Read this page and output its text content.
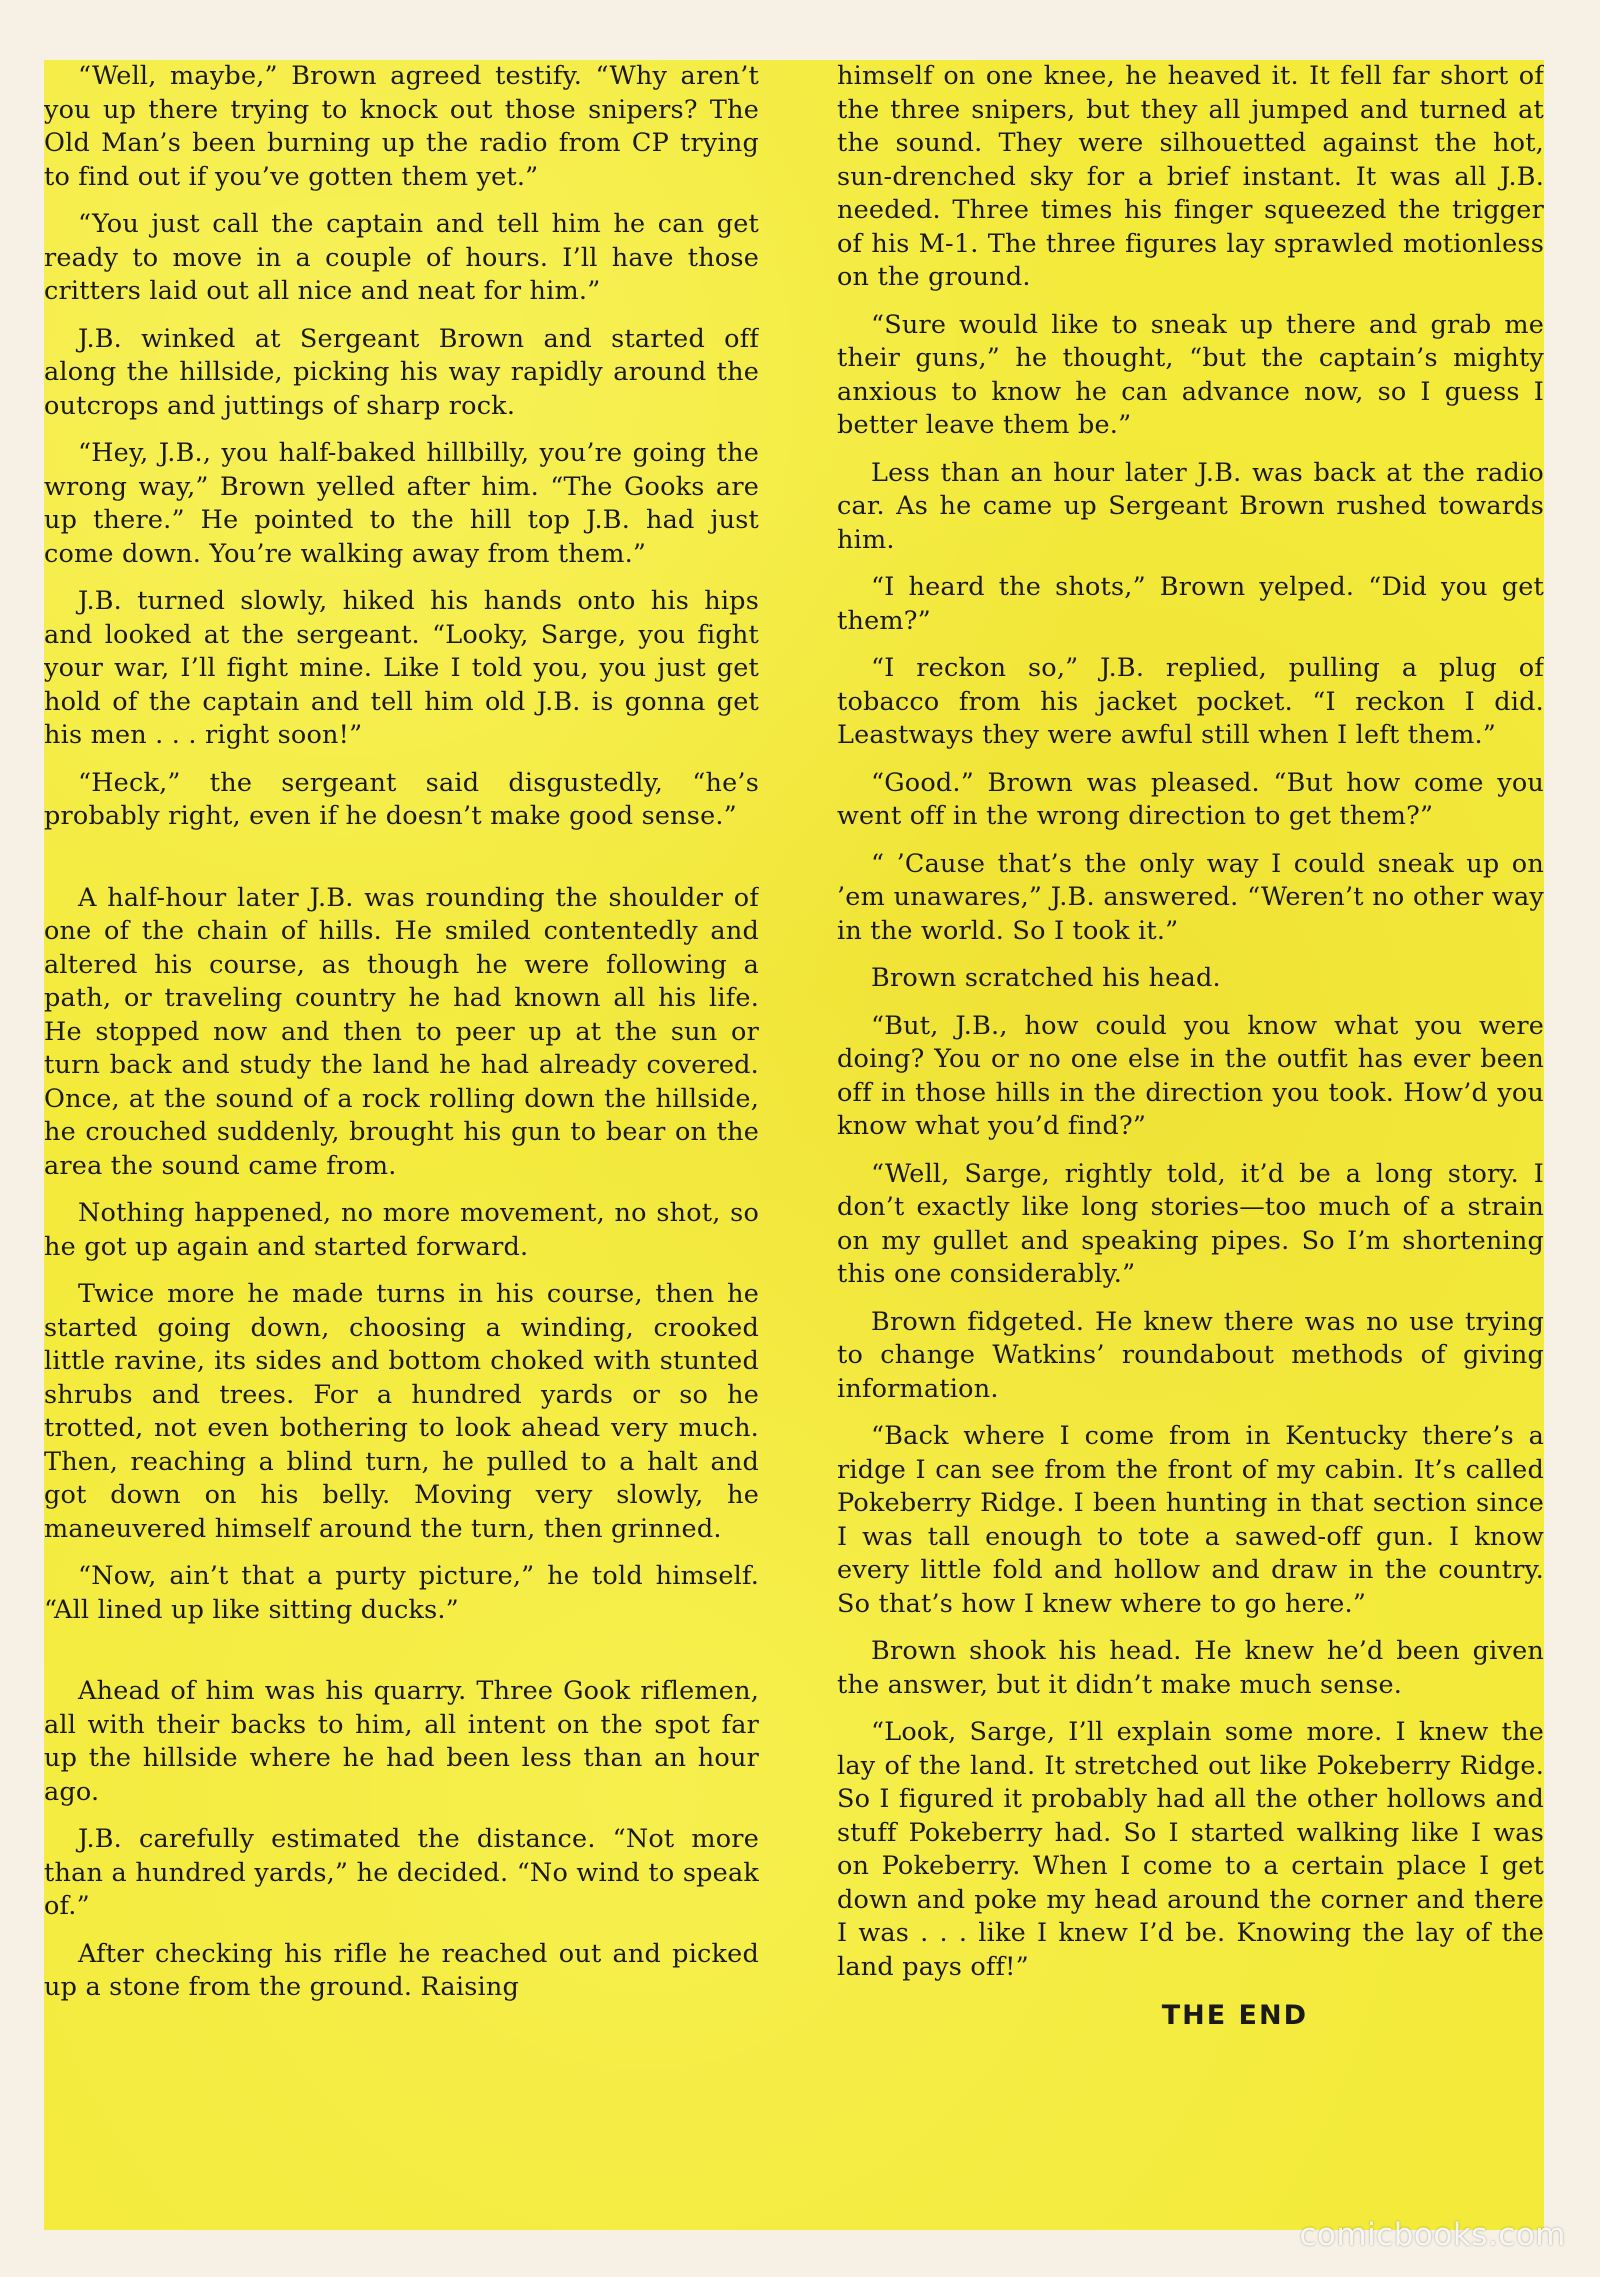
“Well, maybe,” Brown agreed testify. “Why aren’t you up there trying to knock out those snipers? The Old Man’s been burning up the radio from CP trying to find out if you’ve gotten them yet.”

“You just call the captain and tell him he can get ready to move in a couple of hours. I’ll have those critters laid out all nice and neat for him.”

J.B. winked at Sergeant Brown and started off along the hillside, picking his way rapidly around the outcrops and juttings of sharp rock.

“Hey, J.B., you half-baked hillbilly, you’re going the wrong way,” Brown yelled after him. “The Gooks are up there.” He pointed to the hill top J.B. had just come down. You’re walking away from them.”

J.B. turned slowly, hiked his hands onto his hips and looked at the sergeant. “Looky, Sarge, you fight your war, I’ll fight mine. Like I told you, you just get hold of the captain and tell him old J.B. is gonna get his men . . . right soon!”

“Heck,” the sergeant said disgustedly, “he’s probably right, even if he doesn’t make good sense.”

A half-hour later J.B. was rounding the shoulder of one of the chain of hills. He smiled contentedly and altered his course, as though he were following a path, or traveling country he had known all his life. He stopped now and then to peer up at the sun or turn back and study the land he had already covered. Once, at the sound of a rock rolling down the hillside, he crouched suddenly, brought his gun to bear on the area the sound came from.

Nothing happened, no more movement, no shot, so he got up again and started forward.

Twice more he made turns in his course, then he started going down, choosing a winding, crooked little ravine, its sides and bottom choked with stunted shrubs and trees. For a hundred yards or so he trotted, not even bothering to look ahead very much. Then, reaching a blind turn, he pulled to a halt and got down on his belly. Moving very slowly, he maneuvered himself around the turn, then grinned.

“Now, ain’t that a purty picture,” he told himself. “All lined up like sitting ducks.”

Ahead of him was his quarry. Three Gook riflemen, all with their backs to him, all intent on the spot far up the hillside where he had been less than an hour ago.

J.B. carefully estimated the distance. “Not more than a hundred yards,” he decided. “No wind to speak of.”

After checking his rifle he reached out and picked up a stone from the ground. Raising

himself on one knee, he heaved it. It fell far short of the three snipers, but they all jumped and turned at the sound. They were silhouetted against the hot, sun-drenched sky for a brief instant. It was all J.B. needed. Three times his finger squeezed the trigger of his M-1. The three figures lay sprawled motionless on the ground.

“Sure would like to sneak up there and grab me their guns,” he thought, “but the captain’s mighty anxious to know he can advance now, so I guess I better leave them be.”

Less than an hour later J.B. was back at the radio car. As he came up Sergeant Brown rushed towards him.

“I heard the shots,” Brown yelped. “Did you get them?”

“I reckon so,” J.B. replied, pulling a plug of tobacco from his jacket pocket. “I reckon I did. Leastways they were awful still when I left them.”

“Good.” Brown was pleased. “But how come you went off in the wrong direction to get them?”

“ ’Cause that’s the only way I could sneak up on ’em unawares,” J.B. answered. “Weren’t no other way in the world. So I took it.”

Brown scratched his head.

“But, J.B., how could you know what you were doing? You or no one else in the outfit has ever been off in those hills in the direction you took. How’d you know what you’d find?”

“Well, Sarge, rightly told, it’d be a long story. I don’t exactly like long stories—too much of a strain on my gullet and speaking pipes. So I’m shortening this one considerably.”

Brown fidgeted. He knew there was no use trying to change Watkins’ roundabout methods of giving information.

“Back where I come from in Kentucky there’s a ridge I can see from the front of my cabin. It’s called Pokeberry Ridge. I been hunting in that section since I was tall enough to tote a sawed-off gun. I know every little fold and hollow and draw in the country. So that’s how I knew where to go here.”

Brown shook his head. He knew he’d been given the answer, but it didn’t make much sense.

“Look, Sarge, I’ll explain some more. I knew the lay of the land. It stretched out like Pokeberry Ridge. So I figured it probably had all the other hollows and stuff Pokeberry had. So I started walking like I was on Pokeberry. When I come to a certain place I get down and poke my head around the corner and there I was . . . like I knew I’d be. Knowing the lay of the land pays off!”

THE END
comicbooks.com
